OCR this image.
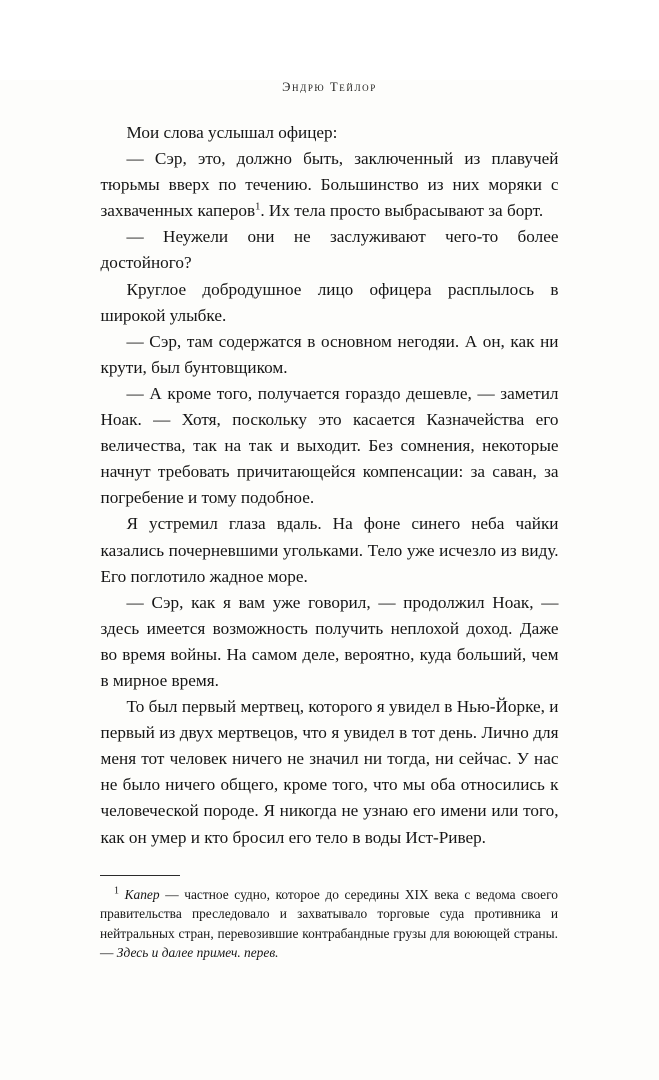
Эндрю Тейлор

Мои слова услышал офицер:

— Сэр, это, должно быть, заключенный из плавучей тюрьмы вверх по течению. Большинство из них моряки с захваченных каперов$^1$. Их тела просто выбрасывают за борт.

— Неужели они не заслуживают чего-то более достойного?

Круглое добродушное лицо офицера расплылось в широкой улыбке.

— Сэр, там содержатся в основном негодяи. А он, как ни крути, был бунтовщиком.

— А кроме того, получается гораздо дешевле, — заметил Ноак. — Хотя, поскольку это касается Казначейства его величества, так на так и выходит. Без сомнения, некоторые начнут требовать причитающейся компенсации: за саван, за погребение и тому подобное.

Я устремил глаза вдаль. На фоне синего неба чайки казались почерневшими угольками. Тело уже исчезло из виду. Его поглотило жадное море.

— Сэр, как я вам уже говорил, — продолжил Ноак, — здесь имеется возможность получить неплохой доход. Даже во время войны. На самом деле, вероятно, куда больший, чем в мирное время.

То был первый мертвец, которого я увидел в Нью-Йорке, и первый из двух мертвецов, что я увидел в тот день. Лично для меня тот человек ничего не значил ни тогда, ни сейчас. У нас не было ничего общего, кроме того, что мы оба относились к человеческой породе. Я никогда не узнаю его имени или того, как он умер и кто бросил его тело в воды Ист-Ривер.

$^1$ Капер — частное судно, которое до середины XIX века с ведома своего правительства преследовало и захватывало торговые суда противника и нейтральных стран, перевозившие контрабандные грузы для воюющей страны. — Здесь и далее примеч. перев.
